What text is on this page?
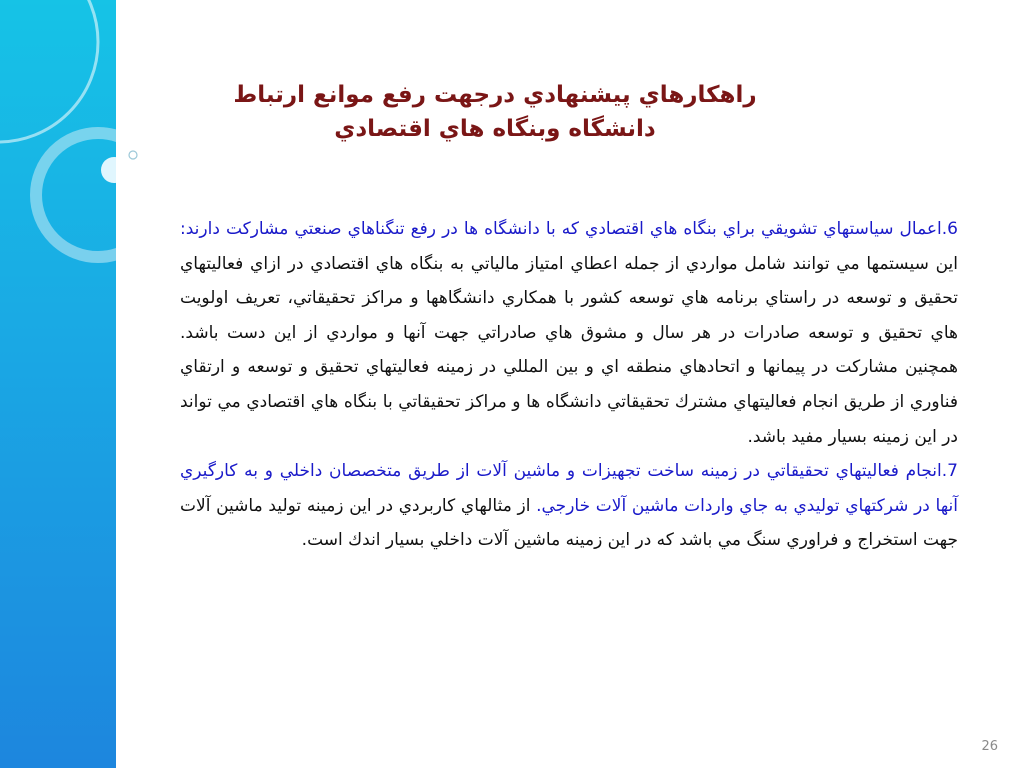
راهكارهاي پيشنهادي درجهت رفع موانع ارتباط
دانشگاه وبنگاه هاي اقتصادي

6.اعمال سياستهاي تشويقي براي بنگاه هاي اقتصادي كه با دانشگاه ها در رفع تنگناهاي صنعتي مشاركت دارند: اين سيستمها مي توانند شامل مواردي از جمله اعطاي امتياز مالياتي به بنگاه هاي اقتصادي در ازاي فعاليتهاي تحقيق و توسعه در راستاي برنامه هاي توسعه كشور با همكاري دانشگاهها و مراكز تحقيقاتي، تعريف اولويت هاي تحقيق و توسعه صادرات در هر سال و مشوق هاي صادراتي جهت آنها و مواردي از اين دست باشد. همچنين مشاركت در پيمانها و اتحادهاي منطقه اي و بين المللي در زمينه فعاليتهاي تحقيق و توسعه و ارتقاي فناوري از طريق انجام فعاليتهاي مشترك تحقيقاتي دانشگاه ها و مراكز تحقيقاتي با بنگاه هاي اقتصادي مي تواند در اين زمينه بسيار مفيد باشد.

7.انجام فعاليتهاي تحقيقاتي در زمينه ساخت تجهيزات و ماشين آلات از طريق متخصصان داخلي و به كارگيري آنها در شركتهاي توليدي به جاي واردات ماشين آلات خارجي. از مثالهاي كاربردي در اين زمينه توليد ماشين آلات جهت استخراج و فراوري سنگ مي باشد كه در اين زمينه ماشين آلات داخلي بسيار اندك است.

26
